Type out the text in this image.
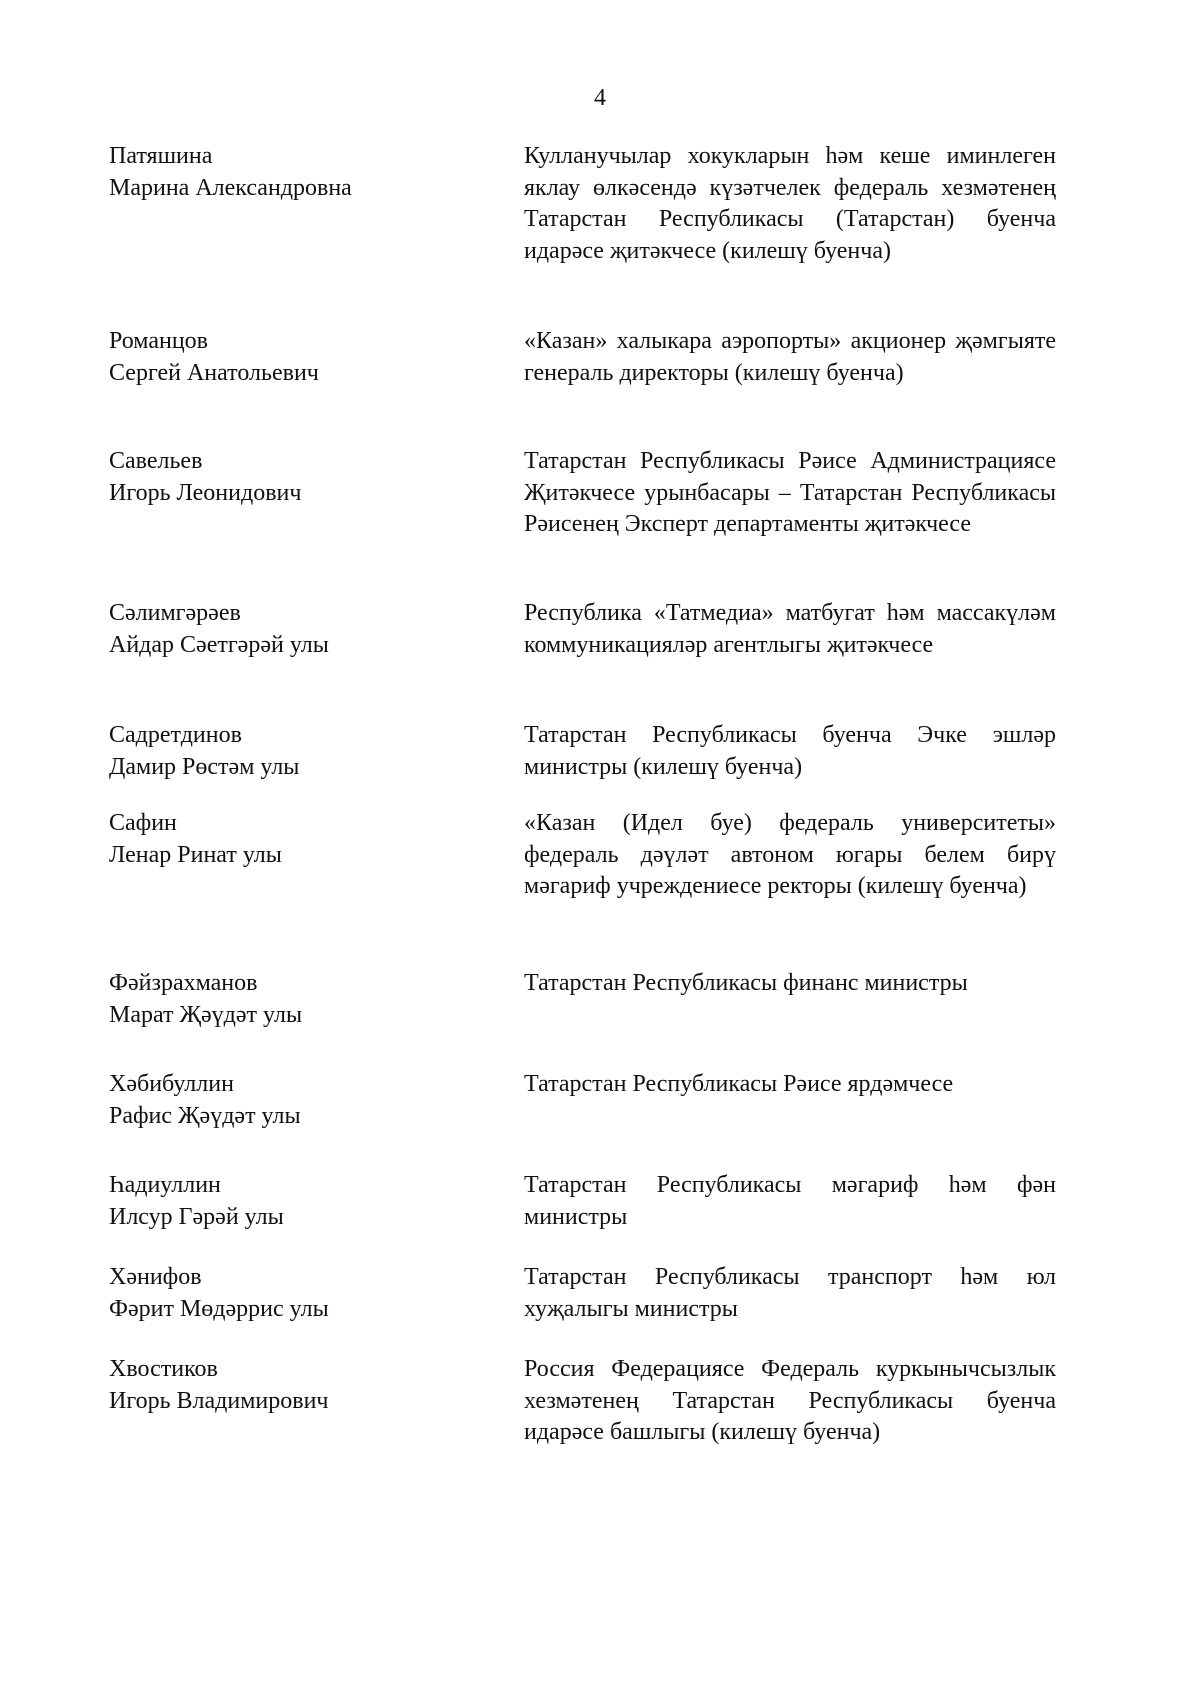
4
Патяшина
Марина Александровна
Кулланучылар хокукларын һәм кеше иминлеген яклау өлкәсендә күзәтчелек федераль хезмәтенең Татарстан Республикасы (Татарстан) буенча идарәсе җитәкчесе (килешү буенча)
Романцов
Сергей Анатольевич
«Казан» халыкара аэропорты» акционер җәмгыяте генераль директоры (килешү буенча)
Савельев
Игорь Леонидович
Татарстан Республикасы Рәисе Администрациясе Җитәкчесе урынбасары – Татарстан Республикасы Рәисенең Эксперт департаменты җитәкчесе
Сәлимгәрәев
Айдар Сәетгәрәй улы
Республика «Татмедиа» матбугат һәм массакүләм коммуникацияләр агентлыгы җитәкчесе
Садретдинов
Дамир Рөстәм улы
Татарстан Республикасы буенча Эчке эшләр министры (килешү буенча)
Сафин
Ленар Ринат улы
«Казан (Идел буе) федераль университеты» федераль дәүләт автоном югары белем бирү мәгариф учреждениесе ректоры (килешү буенча)
Фәйзрахманов
Марат Җәүдәт улы
Татарстан Республикасы финанс министры
Хәбибуллин
Рафис Җәүдәт улы
Татарстан Республикасы Рәисе ярдәмчесе
Һадиуллин
Илсур Гәрәй улы
Татарстан Республикасы мәгариф һәм фән министры
Хәнифов
Фәрит Мөдәррис улы
Татарстан Республикасы транспорт һәм юл хуҗалыгы министры
Хвостиков
Игорь Владимирович
Россия Федерациясе Федераль куркынычсызлык хезмәтенең Татарстан Республикасы буенча идарәсе башлыгы (килешү буенча)
